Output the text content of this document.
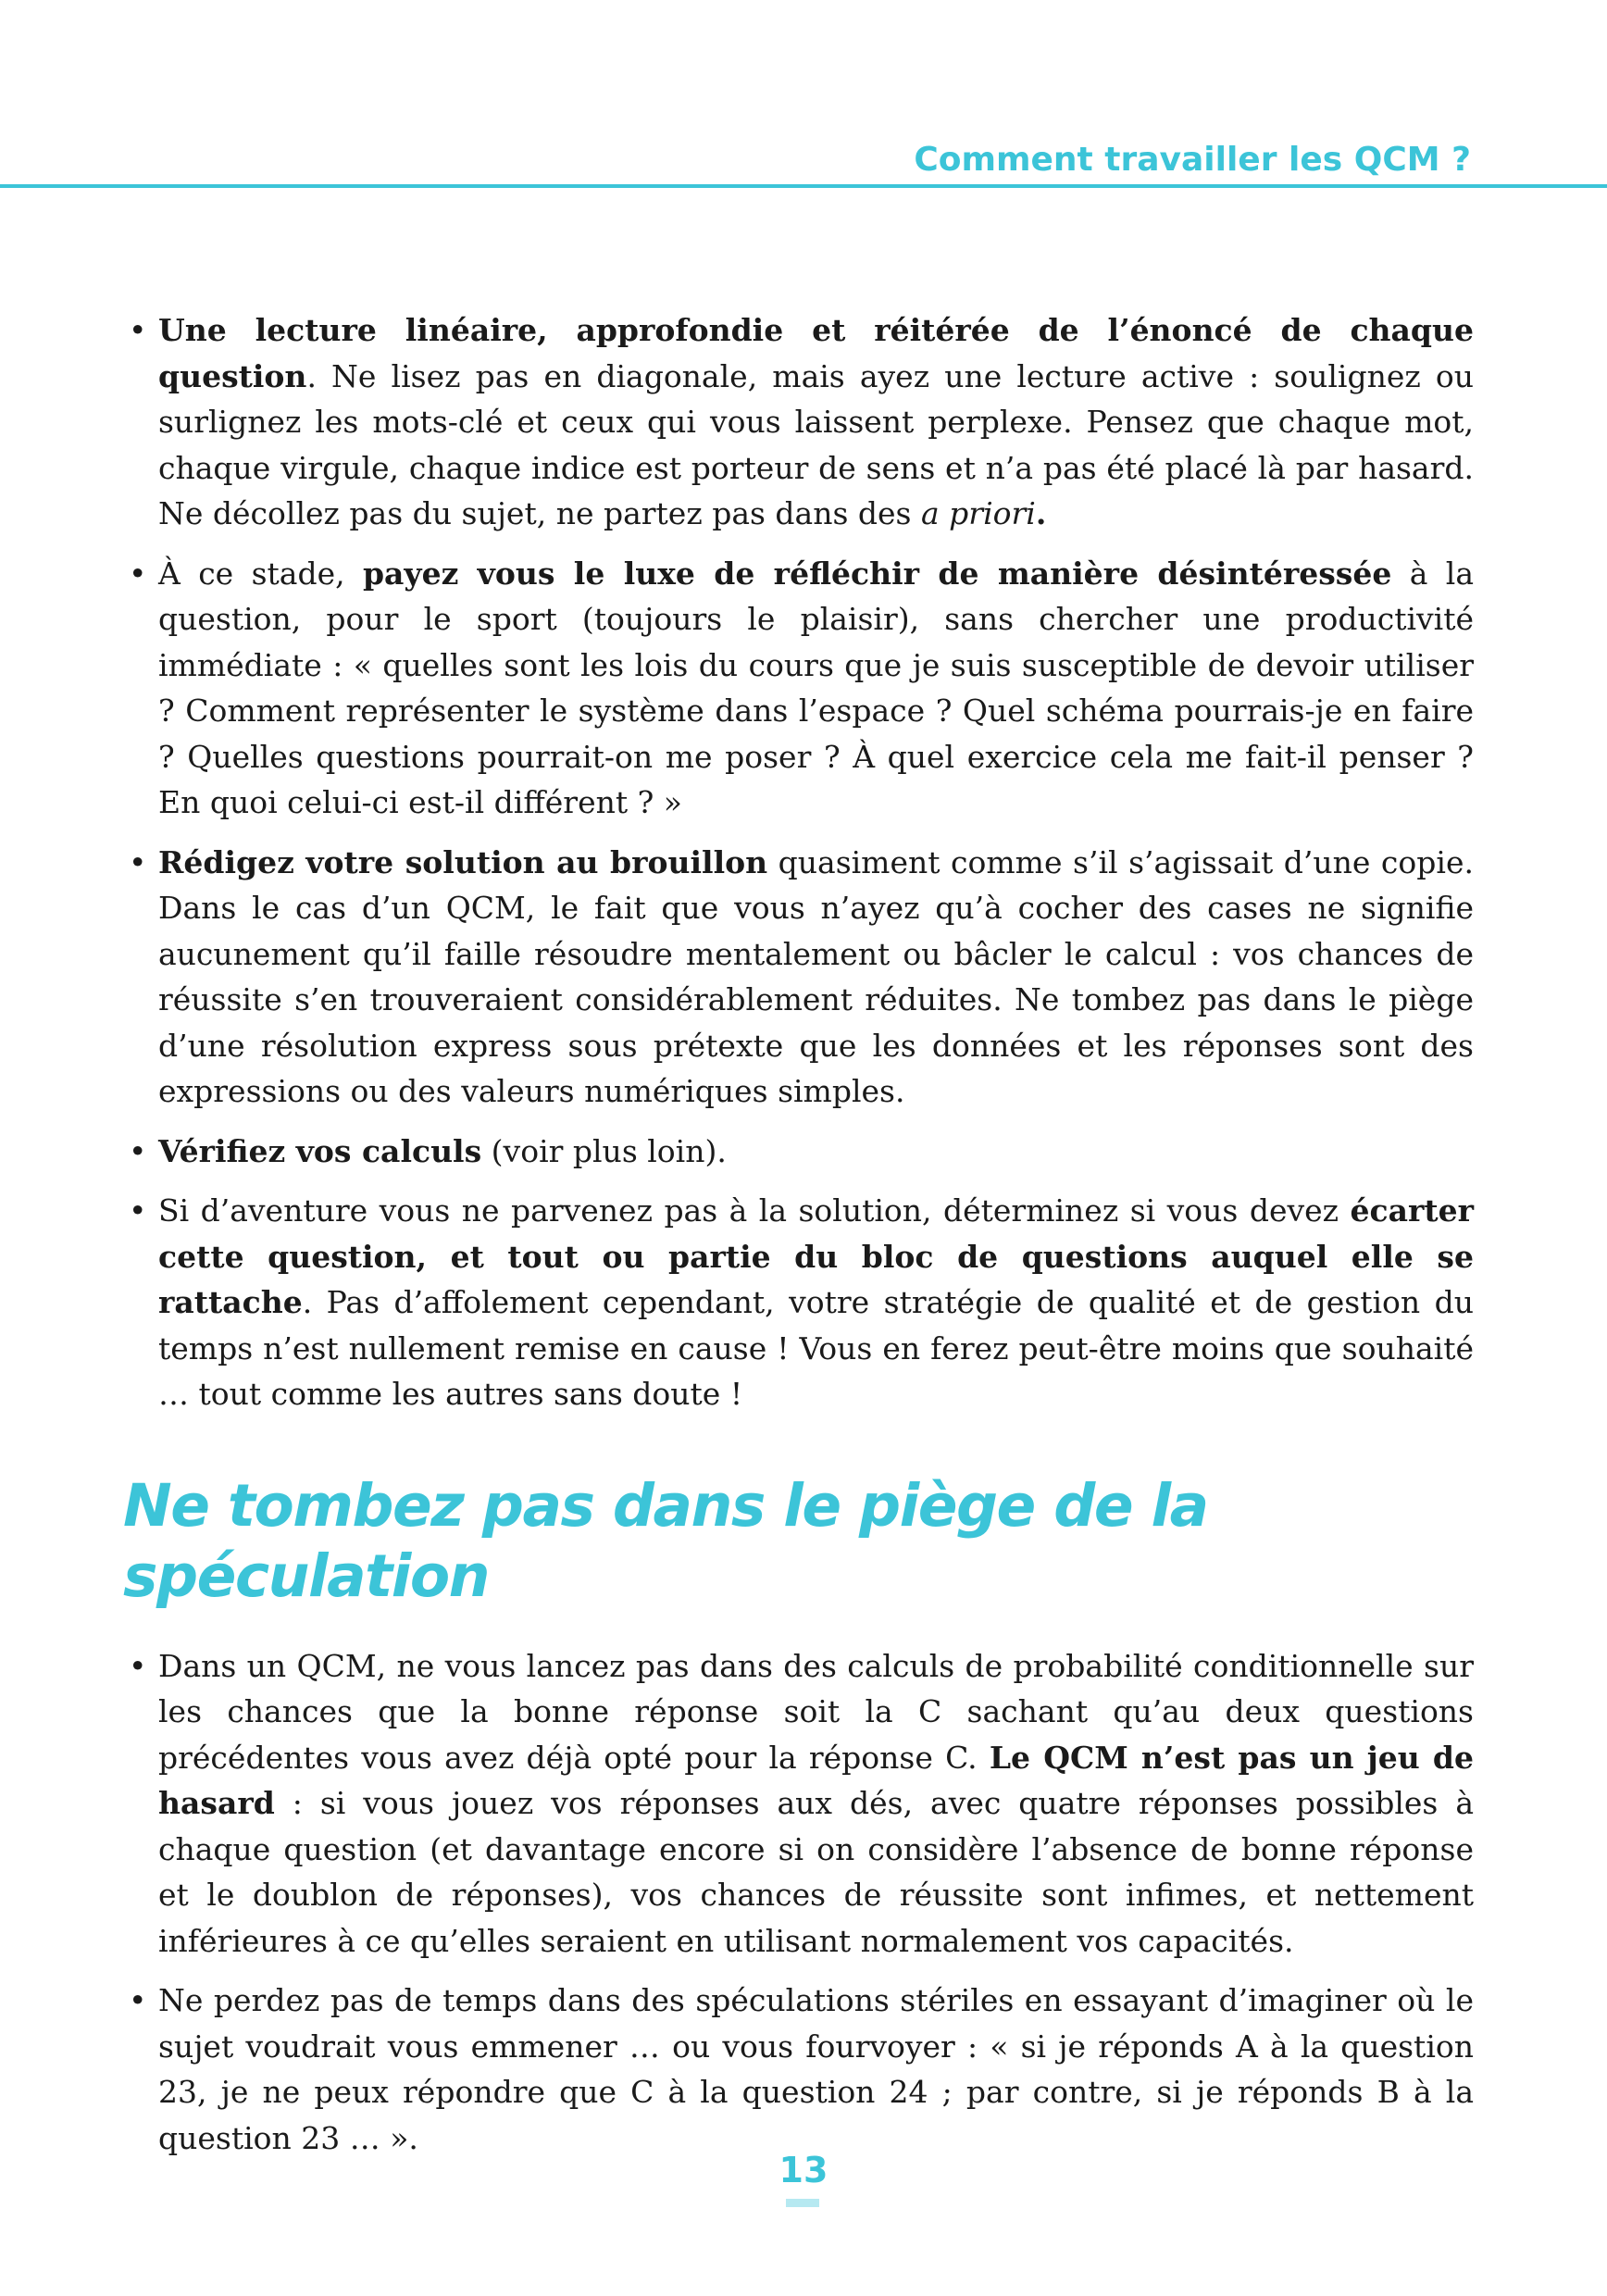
Comment travailler les QCM ?
• Une lecture linéaire, approfondie et réitérée de l’énoncé de chaque question. Ne lisez pas en diagonale, mais ayez une lecture active : soulignez ou surlignez les mots-clé et ceux qui vous laissent perplexe. Pensez que chaque mot, chaque virgule, chaque indice est porteur de sens et n’a pas été placé là par hasard. Ne décollez pas du sujet, ne partez pas dans des a priori.
• À ce stade, payez vous le luxe de réfléchir de manière désintéressée à la question, pour le sport (toujours le plaisir), sans chercher une productivité immédiate : « quelles sont les lois du cours que je suis susceptible de devoir utiliser ? Comment représenter le système dans l’espace ? Quel schéma pourrais-je en faire ? Quelles questions pourrait-on me poser ? À quel exercice cela me fait-il penser ? En quoi celui-ci est-il différent ? »
• Rédigez votre solution au brouillon quasiment comme s’il s’agissait d’une copie. Dans le cas d’un QCM, le fait que vous n’ayez qu’à cocher des cases ne signifie aucunement qu’il faille résoudre mentalement ou bâcler le calcul : vos chances de réussite s’en trouveraient considérablement réduites. Ne tombez pas dans le piège d’une résolution express sous prétexte que les données et les réponses sont des expressions ou des valeurs numériques simples.
• Vérifiez vos calculs (voir plus loin).
• Si d’aventure vous ne parvenez pas à la solution, déterminez si vous devez écarter cette question, et tout ou partie du bloc de questions auquel elle se rattache. Pas d’affolement cependant, votre stratégie de qualité et de gestion du temps n’est nullement remise en cause ! Vous en ferez peut-être moins que souhaité … tout comme les autres sans doute !
Ne tombez pas dans le piège de la spéculation
• Dans un QCM, ne vous lancez pas dans des calculs de probabilité conditionnelle sur les chances que la bonne réponse soit la C sachant qu’au deux questions précédentes vous avez déjà opté pour la réponse C. Le QCM n’est pas un jeu de hasard : si vous jouez vos réponses aux dés, avec quatre réponses possibles à chaque question (et davantage encore si on considère l’absence de bonne réponse et le doublon de réponses), vos chances de réussite sont infimes, et nettement inférieures à ce qu’elles seraient en utilisant normalement vos capacités.
• Ne perdez pas de temps dans des spéculations stériles en essayant d’imaginer où le sujet voudrait vous emmener … ou vous fourvoyer : « si je réponds A à la question 23, je ne peux répondre que C à la question 24 ; par contre, si je réponds B à la question 23 … ».
13
